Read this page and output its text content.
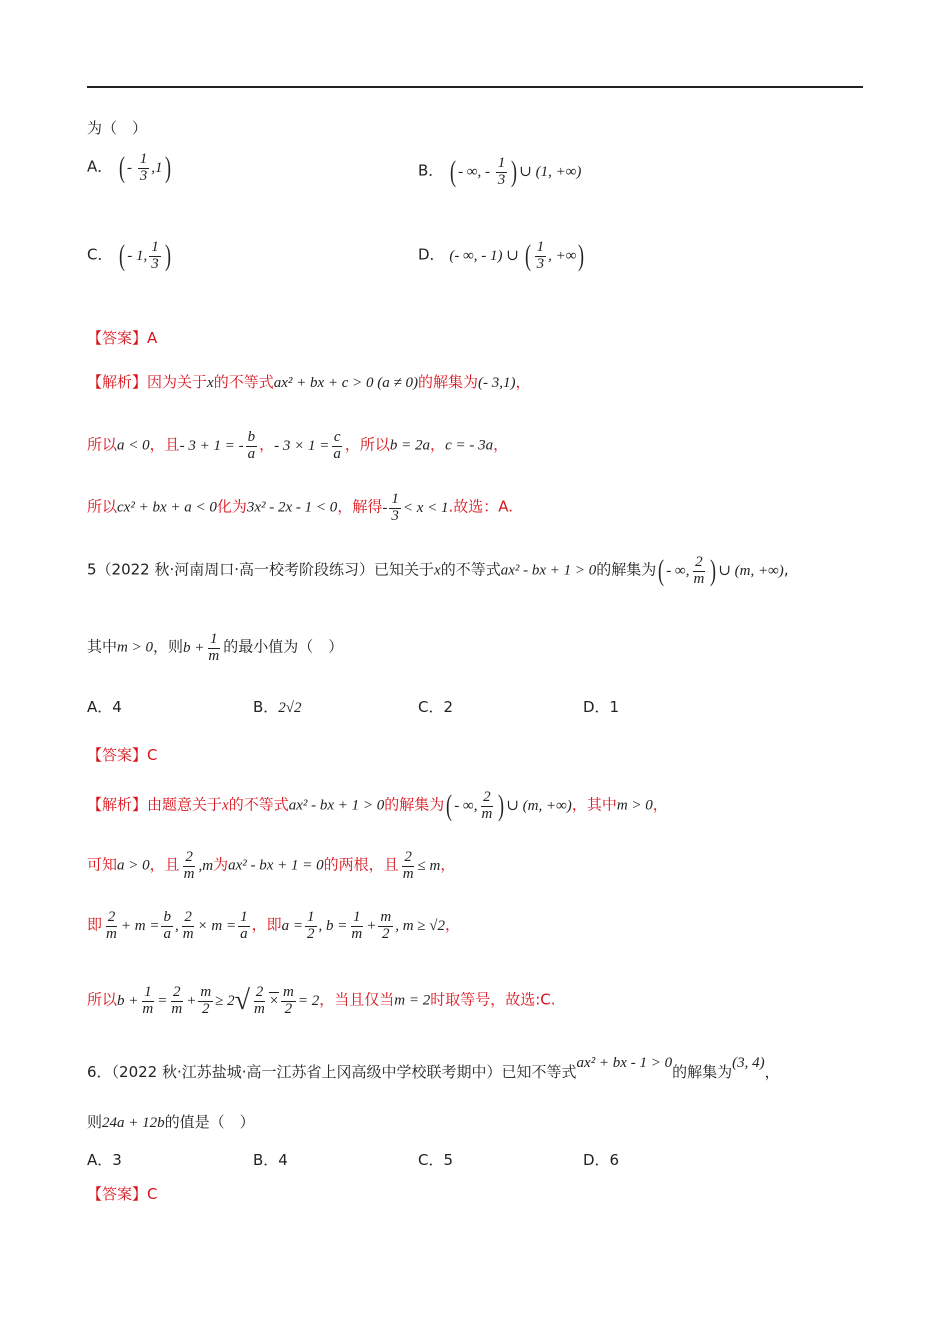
为（　）
A． ( - $\frac{1}{3} ,1$)	B． ( - ∞, - $\frac{1}{3}$ ) ∪ (1, +∞)
C． ( - 1, $\frac{1}{3}$ )	D． (- ∞, - 1) ∪ ( $\frac{1}{3}$ , +∞)
【答案】A
【解析】因为关于x的不等式ax² + bx + c > 0 (a ≠ 0)的解集为(- 3,1)，
所以a < 0，且- 3 + 1 = - $\frac{b}{a}$ ，- $3 \times 1 = \frac{c}{a}$ ，所以b = 2a，c = - 3a，
所以cx² + bx + a < 0化为3x² - 2x - 1 < 0，解得- $\frac{1}{3} < x < 1$.故选：A.
5（2022 秋·河南周口·高一校考阶段练习）已知关于x的不等式ax² - bx + 1 > 0的解集为( - ∞, $\frac{2}{m}$ ) ∪ (m, +∞),
其中m > 0，则$b + \frac{1}{m}$ 的最小值为（　）
A．4	B．2√2	C．2	D．1
【答案】C
【解析】由题意关于x的不等式ax² - bx + 1 > 0的解集为( - ∞, $\frac{2}{m}$ ) ∪ (m, +∞)，其中m > 0，
可知a > 0，且 $\frac{2}{m} ,m$为ax² - bx + 1 = 0的两根，且 $\frac{2}{m} \le m$，
即 $\frac{2}{m} + m = \frac{b}{a}$ , $\frac{2}{m} \times m = \frac{1}{a}$ ，即$a = \frac{1}{2}$ , $b = \frac{1}{m} + \frac{m}{2}$ , m ≥ √2，
所以$b + \frac{1}{m} = \frac{2}{m} + \frac{m}{2} \ge 2√ \frac{2}{m} \times \frac{m}{2} = 2$，当且仅当m = 2时取等号，故选:C.
6．（2022 秋·江苏盐城·高一江苏省上冈高级中学校联考期中）已知不等式ax² + bx - 1 > 0的解集为(3, 4)，
则24a + 12b的值是（　）
A．3	B．4	C．5	D．6
【答案】C
